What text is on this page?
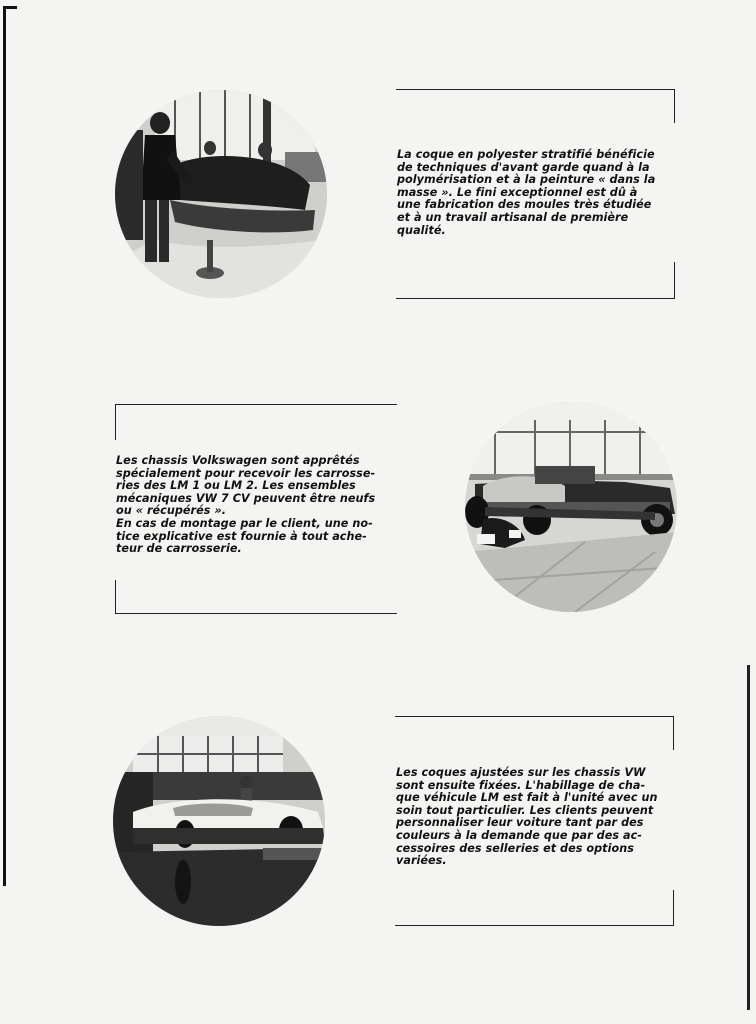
La coque en polyester stratifié bénéficie
de techniques d'avant garde quand à la
polymérisation et à la peinture « dans la
masse ». Le fini exceptionnel est dû à
une fabrication des moules très étudiée
et à un travail artisanal de première
qualité.

Les chassis Volkswagen sont apprêtés
spécialement pour recevoir les carrosse-
ries des LM 1 ou LM 2. Les ensembles
mécaniques VW 7 CV peuvent être neufs
ou « récupérés ».
En cas de montage par le client, une no-
tice explicative est fournie à tout ache-
teur de carrosserie.

Les coques ajustées sur les chassis VW
sont ensuite fixées. L'habillage de cha-
que véhicule LM est fait à l'unité avec un
soin tout particulier. Les clients peuvent
personnaliser leur voiture tant par des
couleurs à la demande que par des ac-
cessoires des selleries et des options
variées.
